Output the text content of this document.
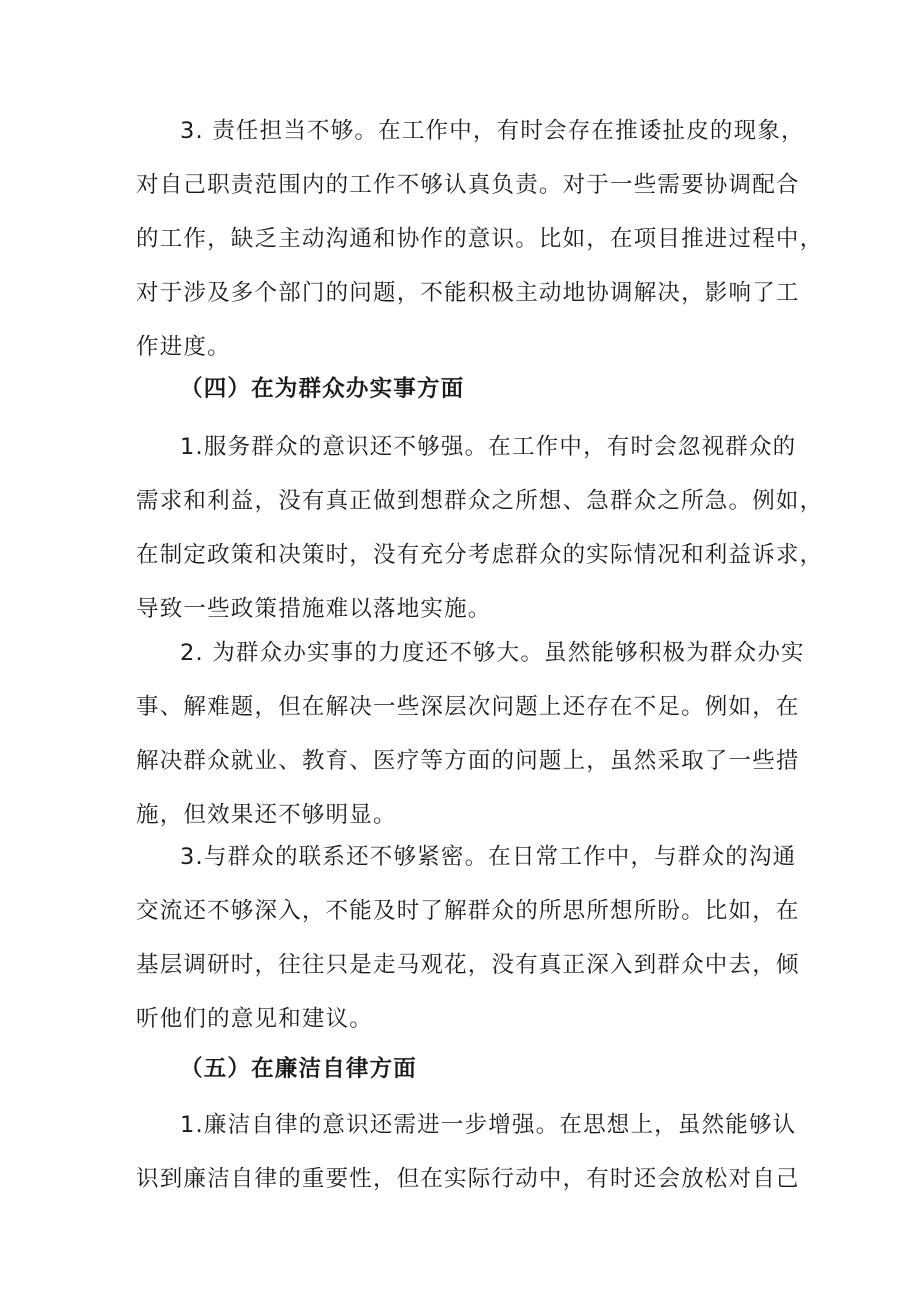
3. 责任担当不够。在工作中，有时会存在推诿扯皮的现象，
对自己职责范围内的工作不够认真负责。对于一些需要协调配合
的工作，缺乏主动沟通和协作的意识。比如，在项目推进过程中，
对于涉及多个部门的问题，不能积极主动地协调解决，影响了工
作进度。
（四）在为群众办实事方面
1.服务群众的意识还不够强。在工作中，有时会忽视群众的
需求和利益，没有真正做到想群众之所想、急群众之所急。例如，
在制定政策和决策时，没有充分考虑群众的实际情况和利益诉求，
导致一些政策措施难以落地实施。
2. 为群众办实事的力度还不够大。虽然能够积极为群众办实
事、解难题，但在解决一些深层次问题上还存在不足。例如，在
解决群众就业、教育、医疗等方面的问题上，虽然采取了一些措
施，但效果还不够明显。
3.与群众的联系还不够紧密。在日常工作中，与群众的沟通
交流还不够深入，不能及时了解群众的所思所想所盼。比如，在
基层调研时，往往只是走马观花，没有真正深入到群众中去，倾
听他们的意见和建议。
（五）在廉洁自律方面
1.廉洁自律的意识还需进一步增强。在思想上，虽然能够认
识到廉洁自律的重要性，但在实际行动中，有时还会放松对自己
